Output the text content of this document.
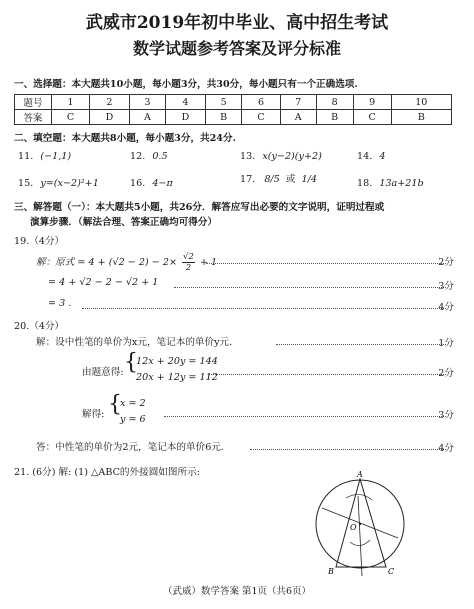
武威市2019年初中毕业、高中招生考试
数学试题参考答案及评分标准
一、选择题：本大题共10小题，每小题3分，共30分，每小题只有一个正确选项.
题号	1	2	3	4	5	6	7	8	9	10
答案	C	D	A	D	B	C	A	B	C	B
二、填空题：本大题共8小题，每小题3分，共24分.
11. (−1,1)	12. 0.5	13. x(y−2)(y+2)	14. 4
15. y=(x−2)²+1	16. 4−π	17. 8/5 或 1/4	18. 13a+21b
三、解答题（一）：本大题共5小题，共26分．解答应写出必要的文字说明，证明过程或
演算步骤．（解法合理、答案正确均可得分）
19.（4分）
解：原式 = $4 + (√2 - 2) - 2\times \frac{√2}{2} + 1$	2分
= 4 + √2 − 2 − √2 + 1	3分
= 3 .	4分
20.（4分）
解：设中性笔的单价为x元，笔记本的单价y元.	1分
由题意得: {
12x + 20y = 144
20x + 12y = 112	2分
解得: {
x = 2
y = 6	3分
答：中性笔的单价为2元，笔记本的单价6元.	4分
21. (6分) 解: (1) △ABC的外接圆如图所示:	A
B	C
O
（武威）数学答案 第1页（共6页）
